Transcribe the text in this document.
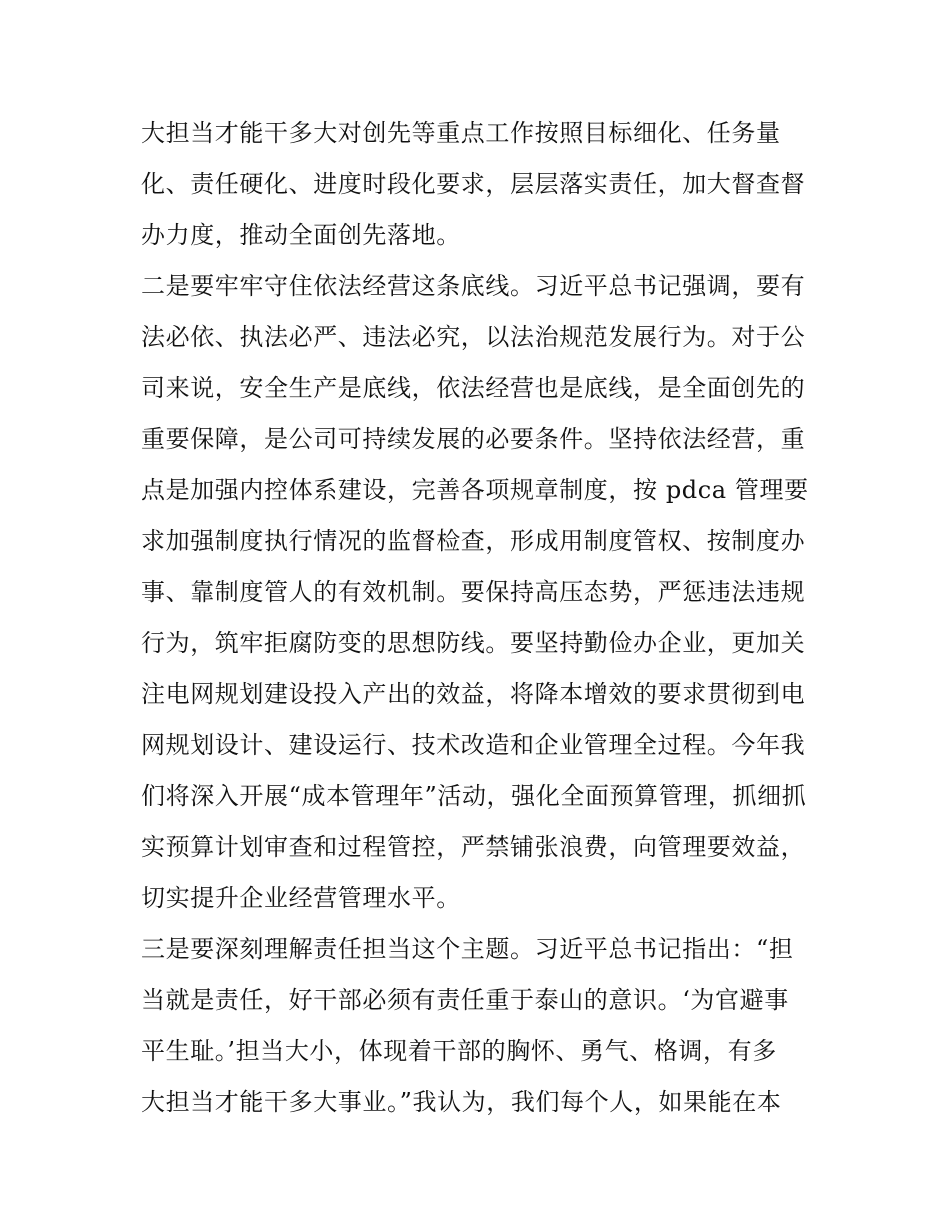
大担当才能干多大对创先等重点工作按照目标细化、任务量
化、责任硬化、进度时段化要求，层层落实责任，加大督查督
办力度，推动全面创先落地。
二是要牢牢守住依法经营这条底线。习近平总书记强调，要有
法必依、执法必严、违法必究，以法治规范发展行为。对于公
司来说，安全生产是底线，依法经营也是底线，是全面创先的
重要保障，是公司可持续发展的必要条件。坚持依法经营，重
点是加强内控体系建设，完善各项规章制度，按 pdca 管理要
求加强制度执行情况的监督检查，形成用制度管权、按制度办
事、靠制度管人的有效机制。要保持高压态势，严惩违法违规
行为，筑牢拒腐防变的思想防线。要坚持勤俭办企业，更加关
注电网规划建设投入产出的效益，将降本增效的要求贯彻到电
网规划设计、建设运行、技术改造和企业管理全过程。今年我
们将深入开展“成本管理年”活动，强化全面预算管理，抓细抓
实预算计划审查和过程管控，严禁铺张浪费，向管理要效益，
切实提升企业经营管理水平。
三是要深刻理解责任担当这个主题。习近平总书记指出：“担
当就是责任，好干部必须有责任重于泰山的意识。‘为官避事
平生耻。’担当大小，体现着干部的胸怀、勇气、格调，有多
大担当才能干多大事业。”我认为，我们每个人，如果能在本
